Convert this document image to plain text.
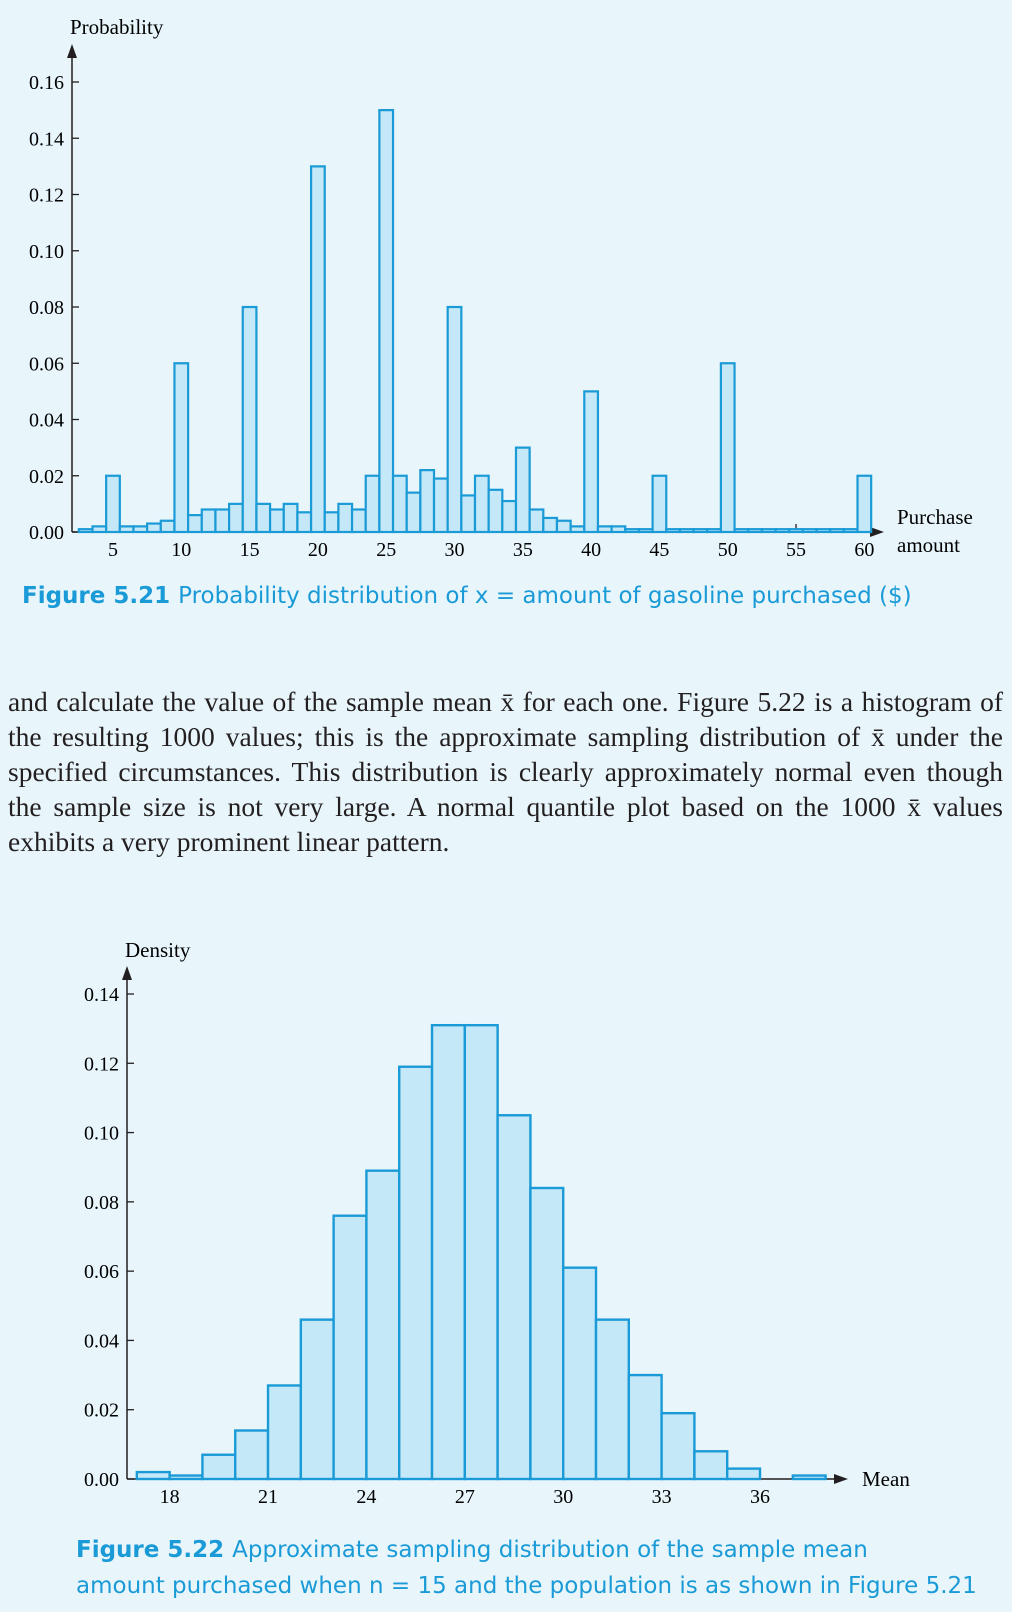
Probability
Purchase
amount
0.00
0.02
0.04
0.06
0.08
0.10
0.12
0.14
0.16
5	10 15 20 25 30 35 40 45 50 55 60
Figure 5.21 Probability distribution of x = amount of gasoline purchased ($)

and calculate the value of the sample mean x̄ for each one. Figure 5.22 is a histogram of the resulting 1000 values; this is the approximate sampling distribution of x̄ under the specified circumstances. This distribution is clearly approximately normal even though the sample size is not very large. A normal quantile plot based on the 1000 x̄ values exhibits a very prominent linear pattern.

Density
Mean
0.00
0.02
0.04
0.06
0.08
0.10
0.12
0.14
18	21	24	27	30	33	36
Figure 5.22 Approximate sampling distribution of the sample mean
amount purchased when n = 15 and the population is as shown in Figure 5.21
